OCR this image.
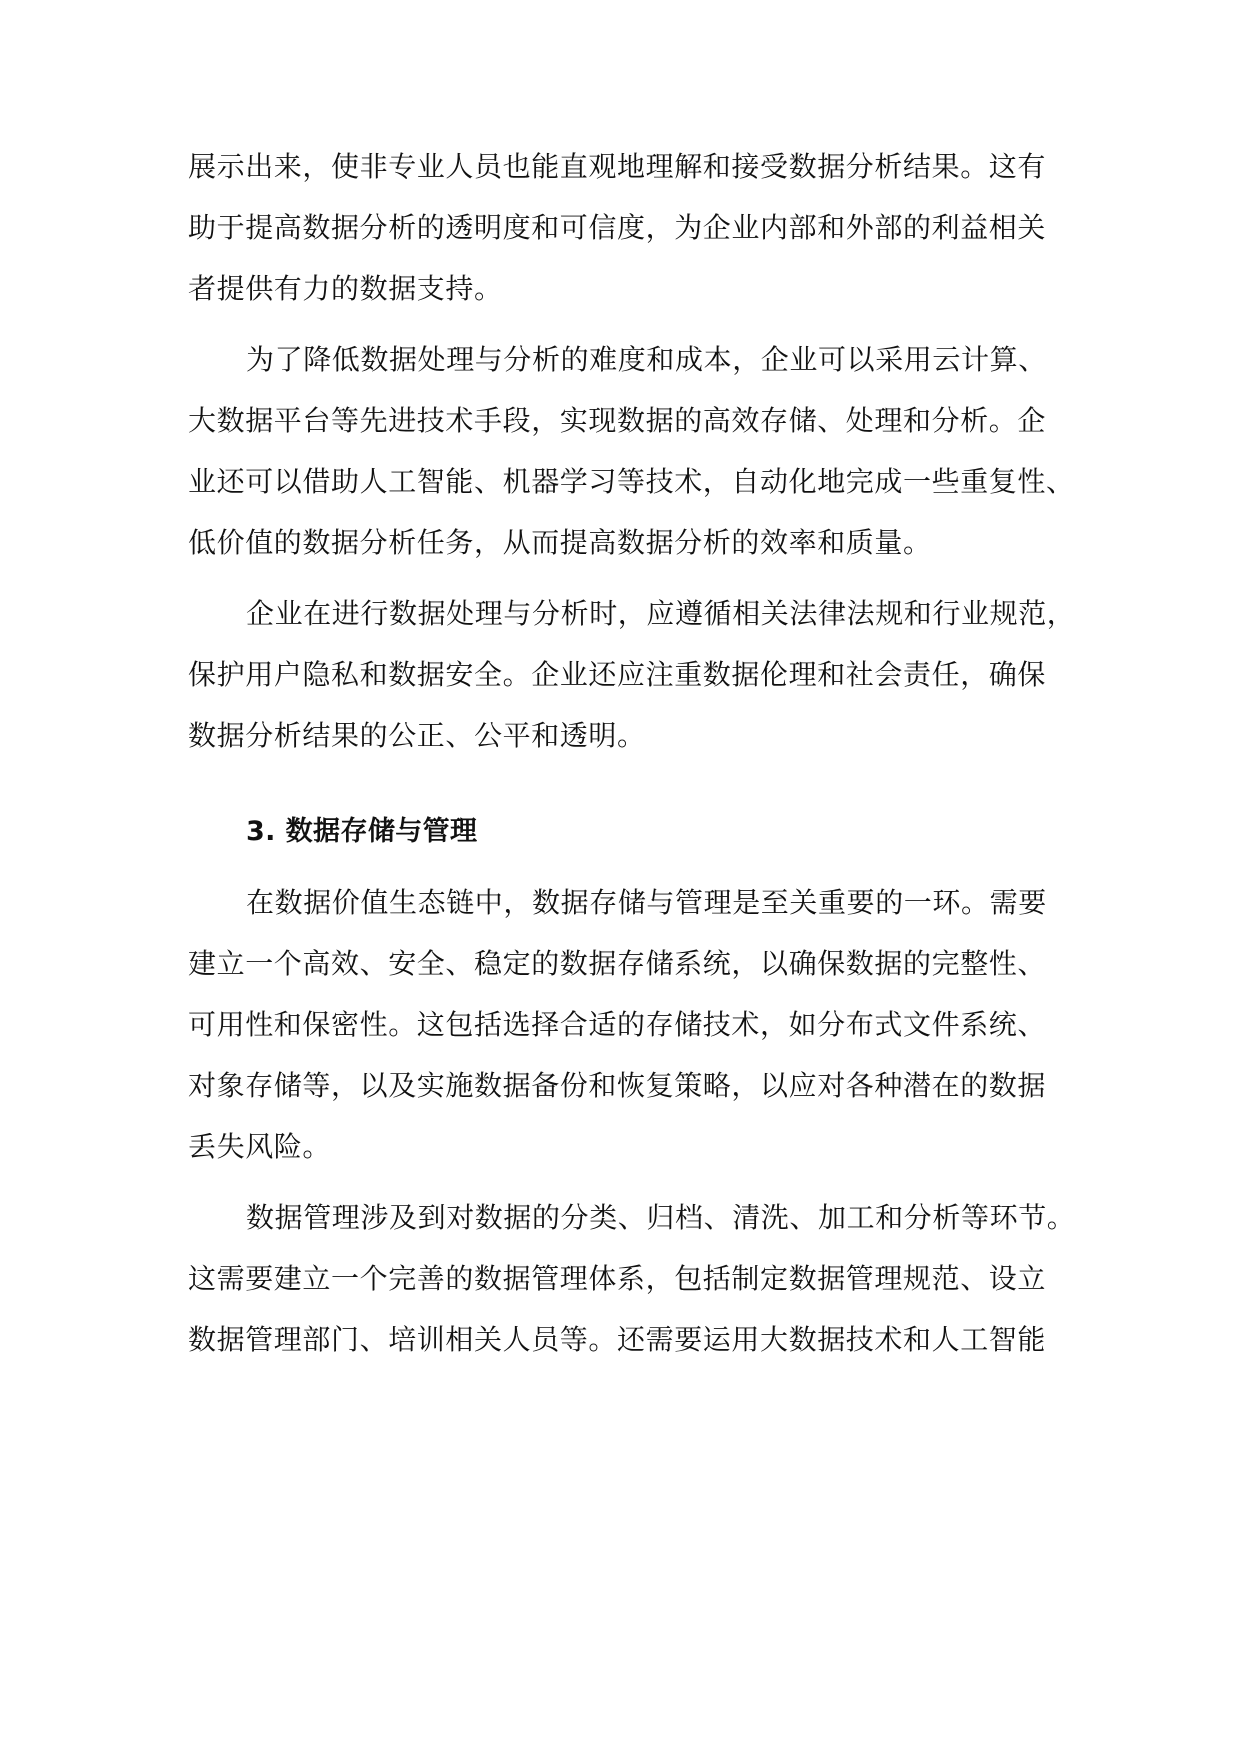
展示出来，使非专业人员也能直观地理解和接受数据分析结果。这有
助于提高数据分析的透明度和可信度，为企业内部和外部的利益相关
者提供有力的数据支持。
为了降低数据处理与分析的难度和成本，企业可以采用云计算、
大数据平台等先进技术手段，实现数据的高效存储、处理和分析。企
业还可以借助人工智能、机器学习等技术，自动化地完成一些重复性、
低价值的数据分析任务，从而提高数据分析的效率和质量。
企业在进行数据处理与分析时，应遵循相关法律法规和行业规范，
保护用户隐私和数据安全。企业还应注重数据伦理和社会责任，确保
数据分析结果的公正、公平和透明。
3. 数据存储与管理
在数据价值生态链中，数据存储与管理是至关重要的一环。需要
建立一个高效、安全、稳定的数据存储系统，以确保数据的完整性、
可用性和保密性。这包括选择合适的存储技术，如分布式文件系统、
对象存储等，以及实施数据备份和恢复策略，以应对各种潜在的数据
丢失风险。
数据管理涉及到对数据的分类、归档、清洗、加工和分析等环节。
这需要建立一个完善的数据管理体系，包括制定数据管理规范、设立
数据管理部门、培训相关人员等。还需要运用大数据技术和人工智能
